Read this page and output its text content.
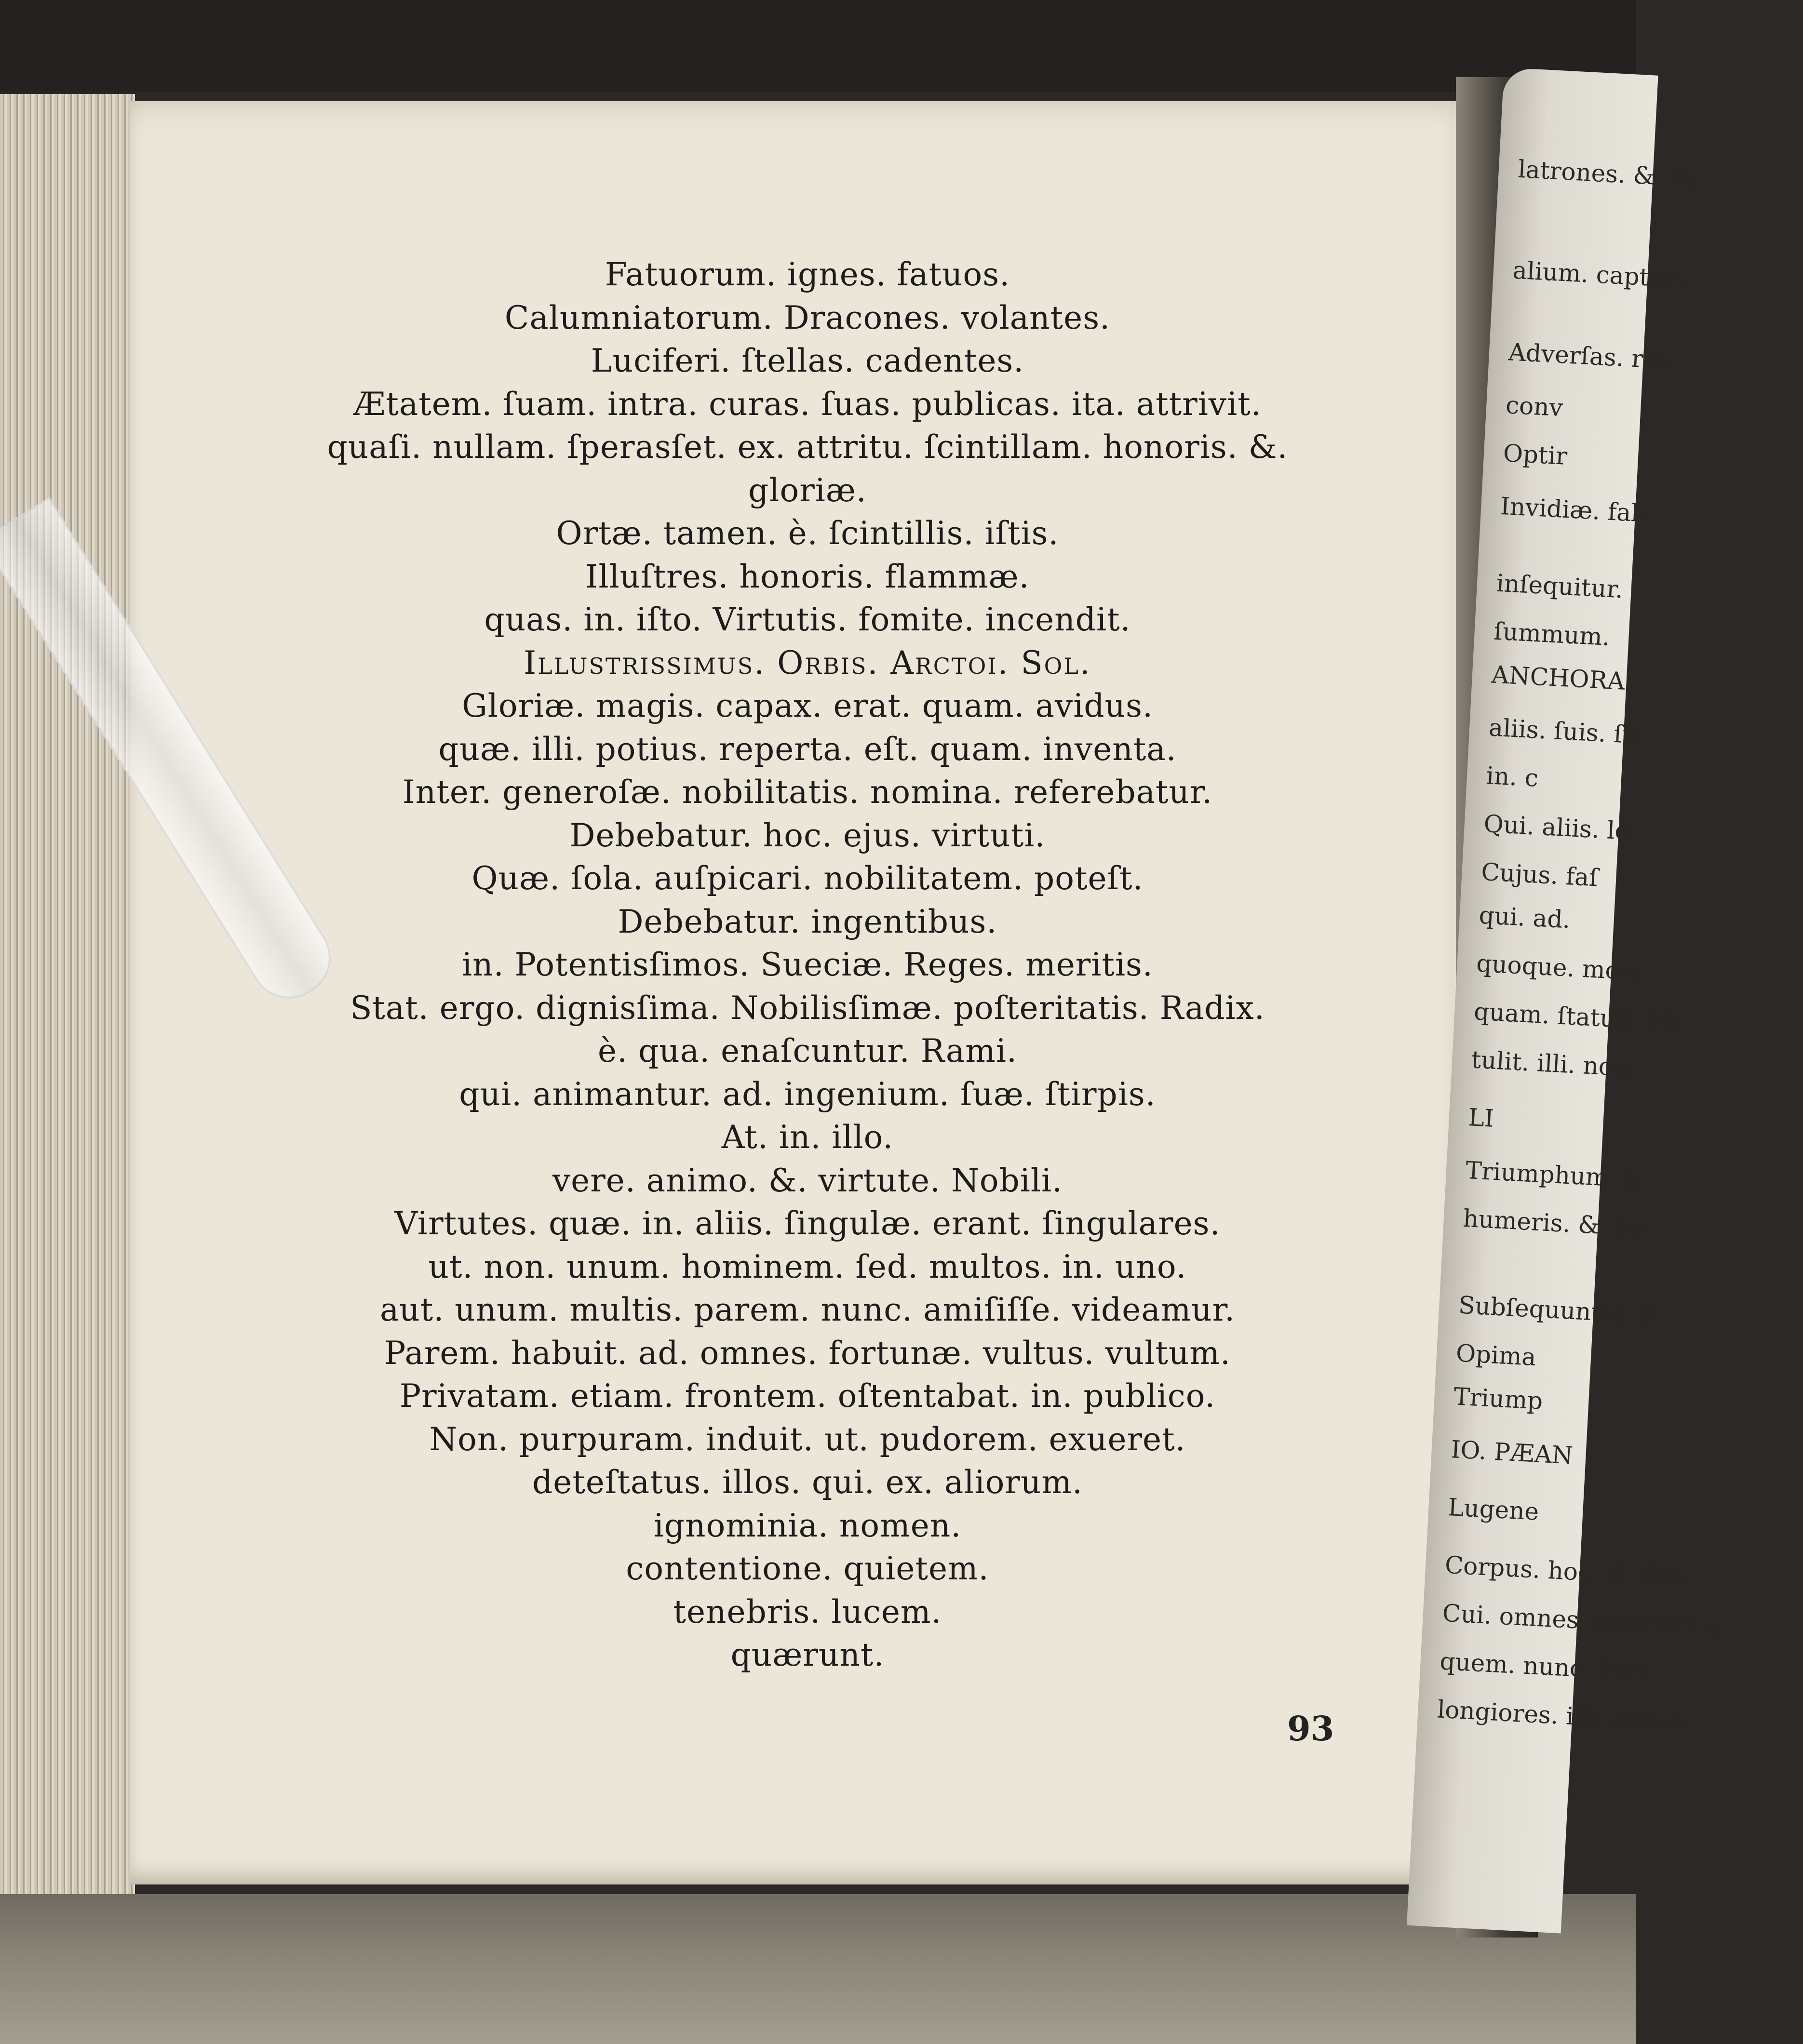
Fatuorum. ignes. fatuos.
Calumniatorum. Dracones. volantes.
Luciferi. ſtellas. cadentes.
Ætatem. ſuam. intra. curas. ſuas. publicas. ita. attrivit.
quaſi. nullam. ſperasſet. ex. attritu. ſcintillam. honoris. &.
gloriæ.
Ortæ. tamen. è. ſcintillis. iſtis.
Illuſtres. honoris. flammæ.
quas. in. iſto. Virtutis. fomite. incendit.
Illustrissimus. Orbis. Arctoi. Sol.
Gloriæ. magis. capax. erat. quam. avidus.
quæ. illi. potius. reperta. eſt. quam. inventa.
Inter. generoſæ. nobilitatis. nomina. referebatur.
Debebatur. hoc. ejus. virtuti.
Quæ. ſola. auſpicari. nobilitatem. poteſt.
Debebatur. ingentibus.
in. Potentisſimos. Sueciæ. Reges. meritis.
Stat. ergo. dignisſima. Nobilisſimæ. poſteritatis. Radix.
è. qua. enaſcuntur. Rami.
qui. animantur. ad. ingenium. ſuæ. ſtirpis.
At. in. illo.
vere. animo. &. virtute. Nobili.
Virtutes. quæ. in. aliis. ſingulæ. erant. ſingulares.
ut. non. unum. hominem. ſed. multos. in. uno.
aut. unum. multis. parem. nunc. amiſiſſe. videamur.
Parem. habuit. ad. omnes. fortunæ. vultus. vultum.
Privatam. etiam. frontem. oſtentabat. in. publico.
Non. purpuram. induit. ut. pudorem. exueret.
deteſtatus. illos. qui. ex. aliorum.
ignominia. nomen.
contentione. quietem.
tenebris. lucem.
quærunt.
93
latrones. &. fic
alium. captavi
Adverſas. res
conv
Optir
Invidiæ. falc
inſequitur.
ſummum.
ANCHORA
aliis. ſuis. ſu
in. c
Qui. aliis. le
Cujus. faſ
qui. ad.
quoque. mori.
quam. ſtatuit. Ne
tulit. illi. non.
LI
Triumphum. p
humeris. &. ho
Subſequuntur. E
Opima
Triump
IO. PÆAN
Lugene
Corpus. hoc. &. ſuis
Cui. omnes. obſtricti. e
quem. nunc. Parc
longiores. illi. annos.
